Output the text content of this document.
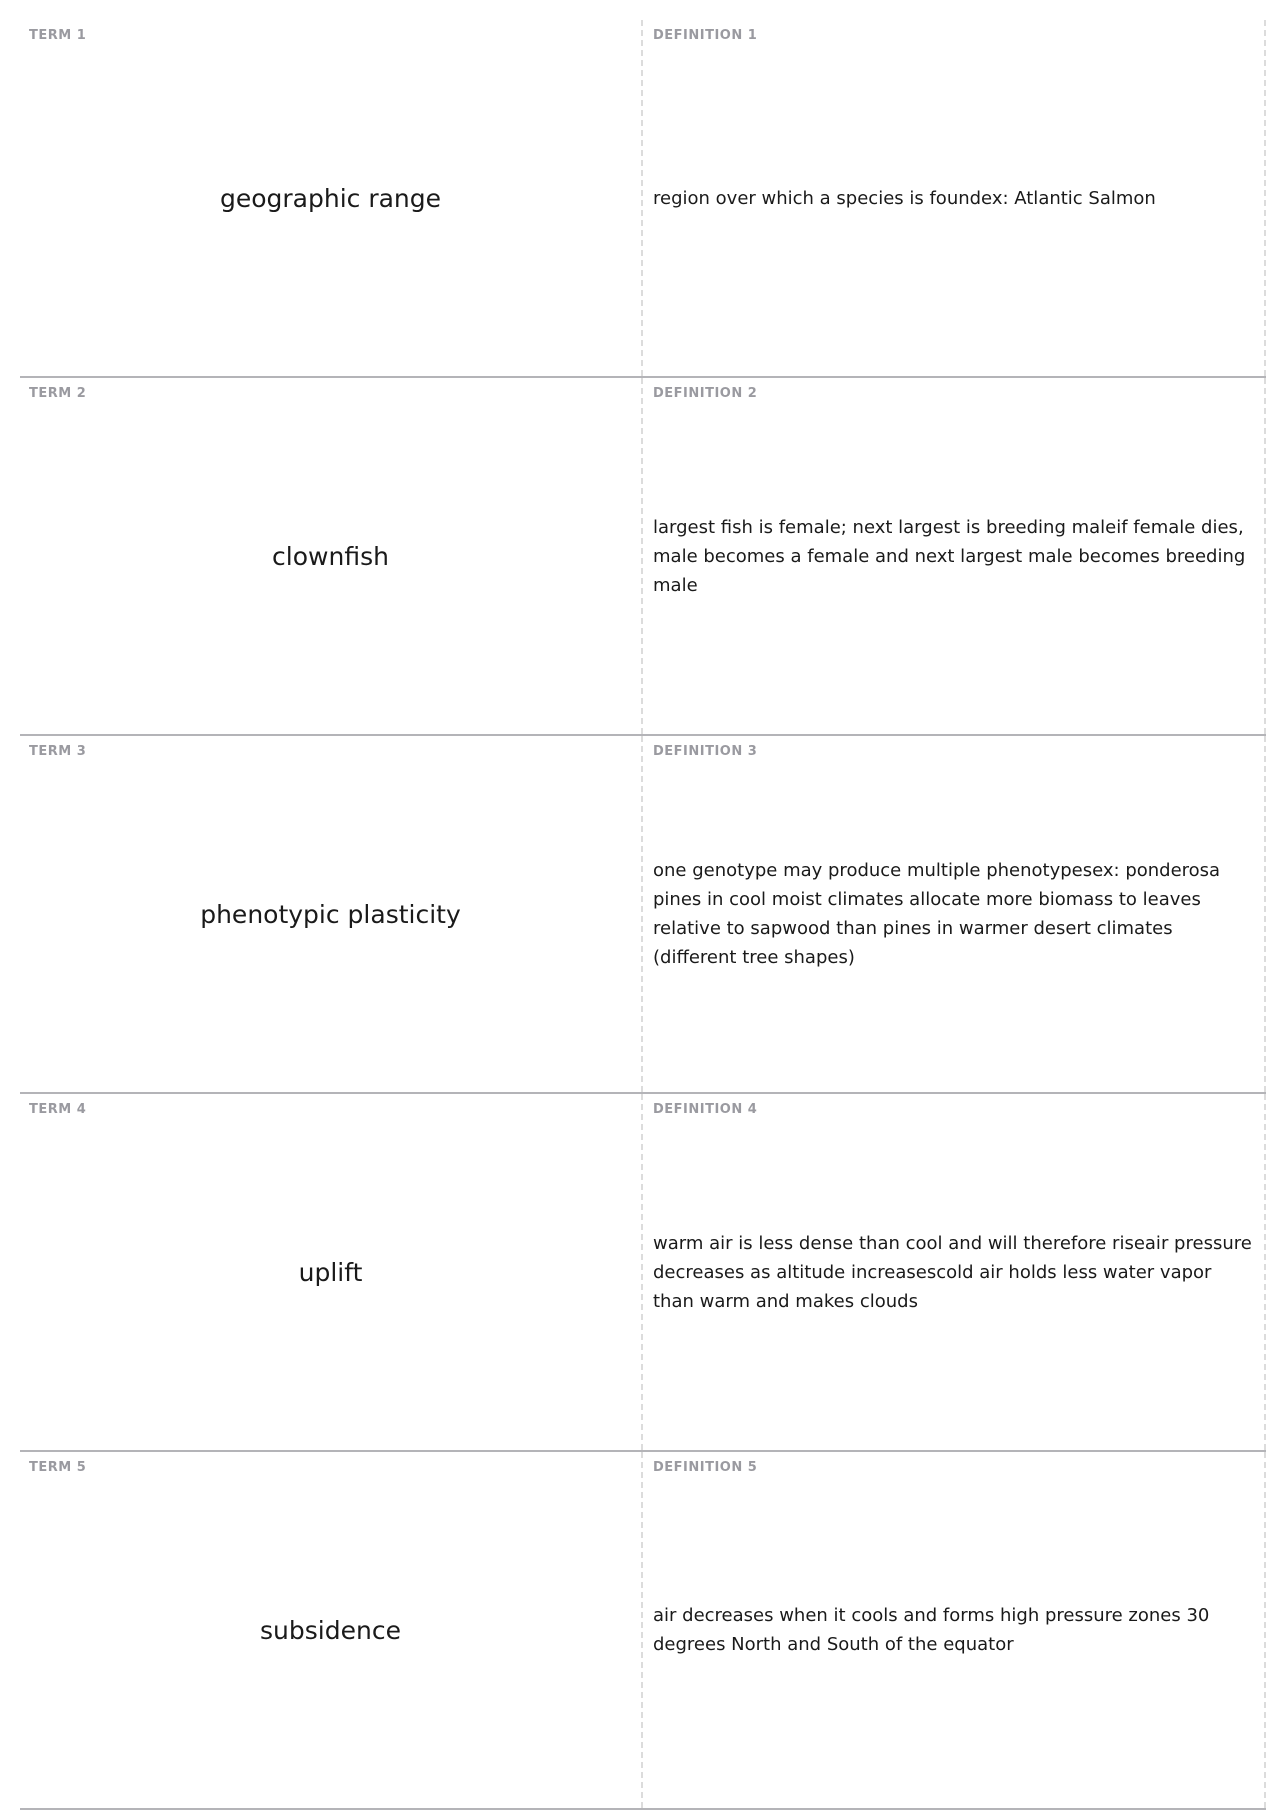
TERM 1
geographic range
DEFINITION 1
region over which a species is foundex: Atlantic Salmon
TERM 2
clownfish
DEFINITION 2
largest fish is female; next largest is breeding maleif female dies, male becomes a female and next largest male becomes breeding male
TERM 3
phenotypic plasticity
DEFINITION 3
one genotype may produce multiple phenotypesex: ponderosa pines in cool moist climates allocate more biomass to leaves relative to sapwood than pines in warmer desert climates (different tree shapes)
TERM 4
uplift
DEFINITION 4
warm air is less dense than cool and will therefore riseair pressure decreases as altitude increasescold air holds less water vapor than warm and makes clouds
TERM 5
subsidence
DEFINITION 5
air decreases when it cools and forms high pressure zones 30 degrees North and South of the equator
